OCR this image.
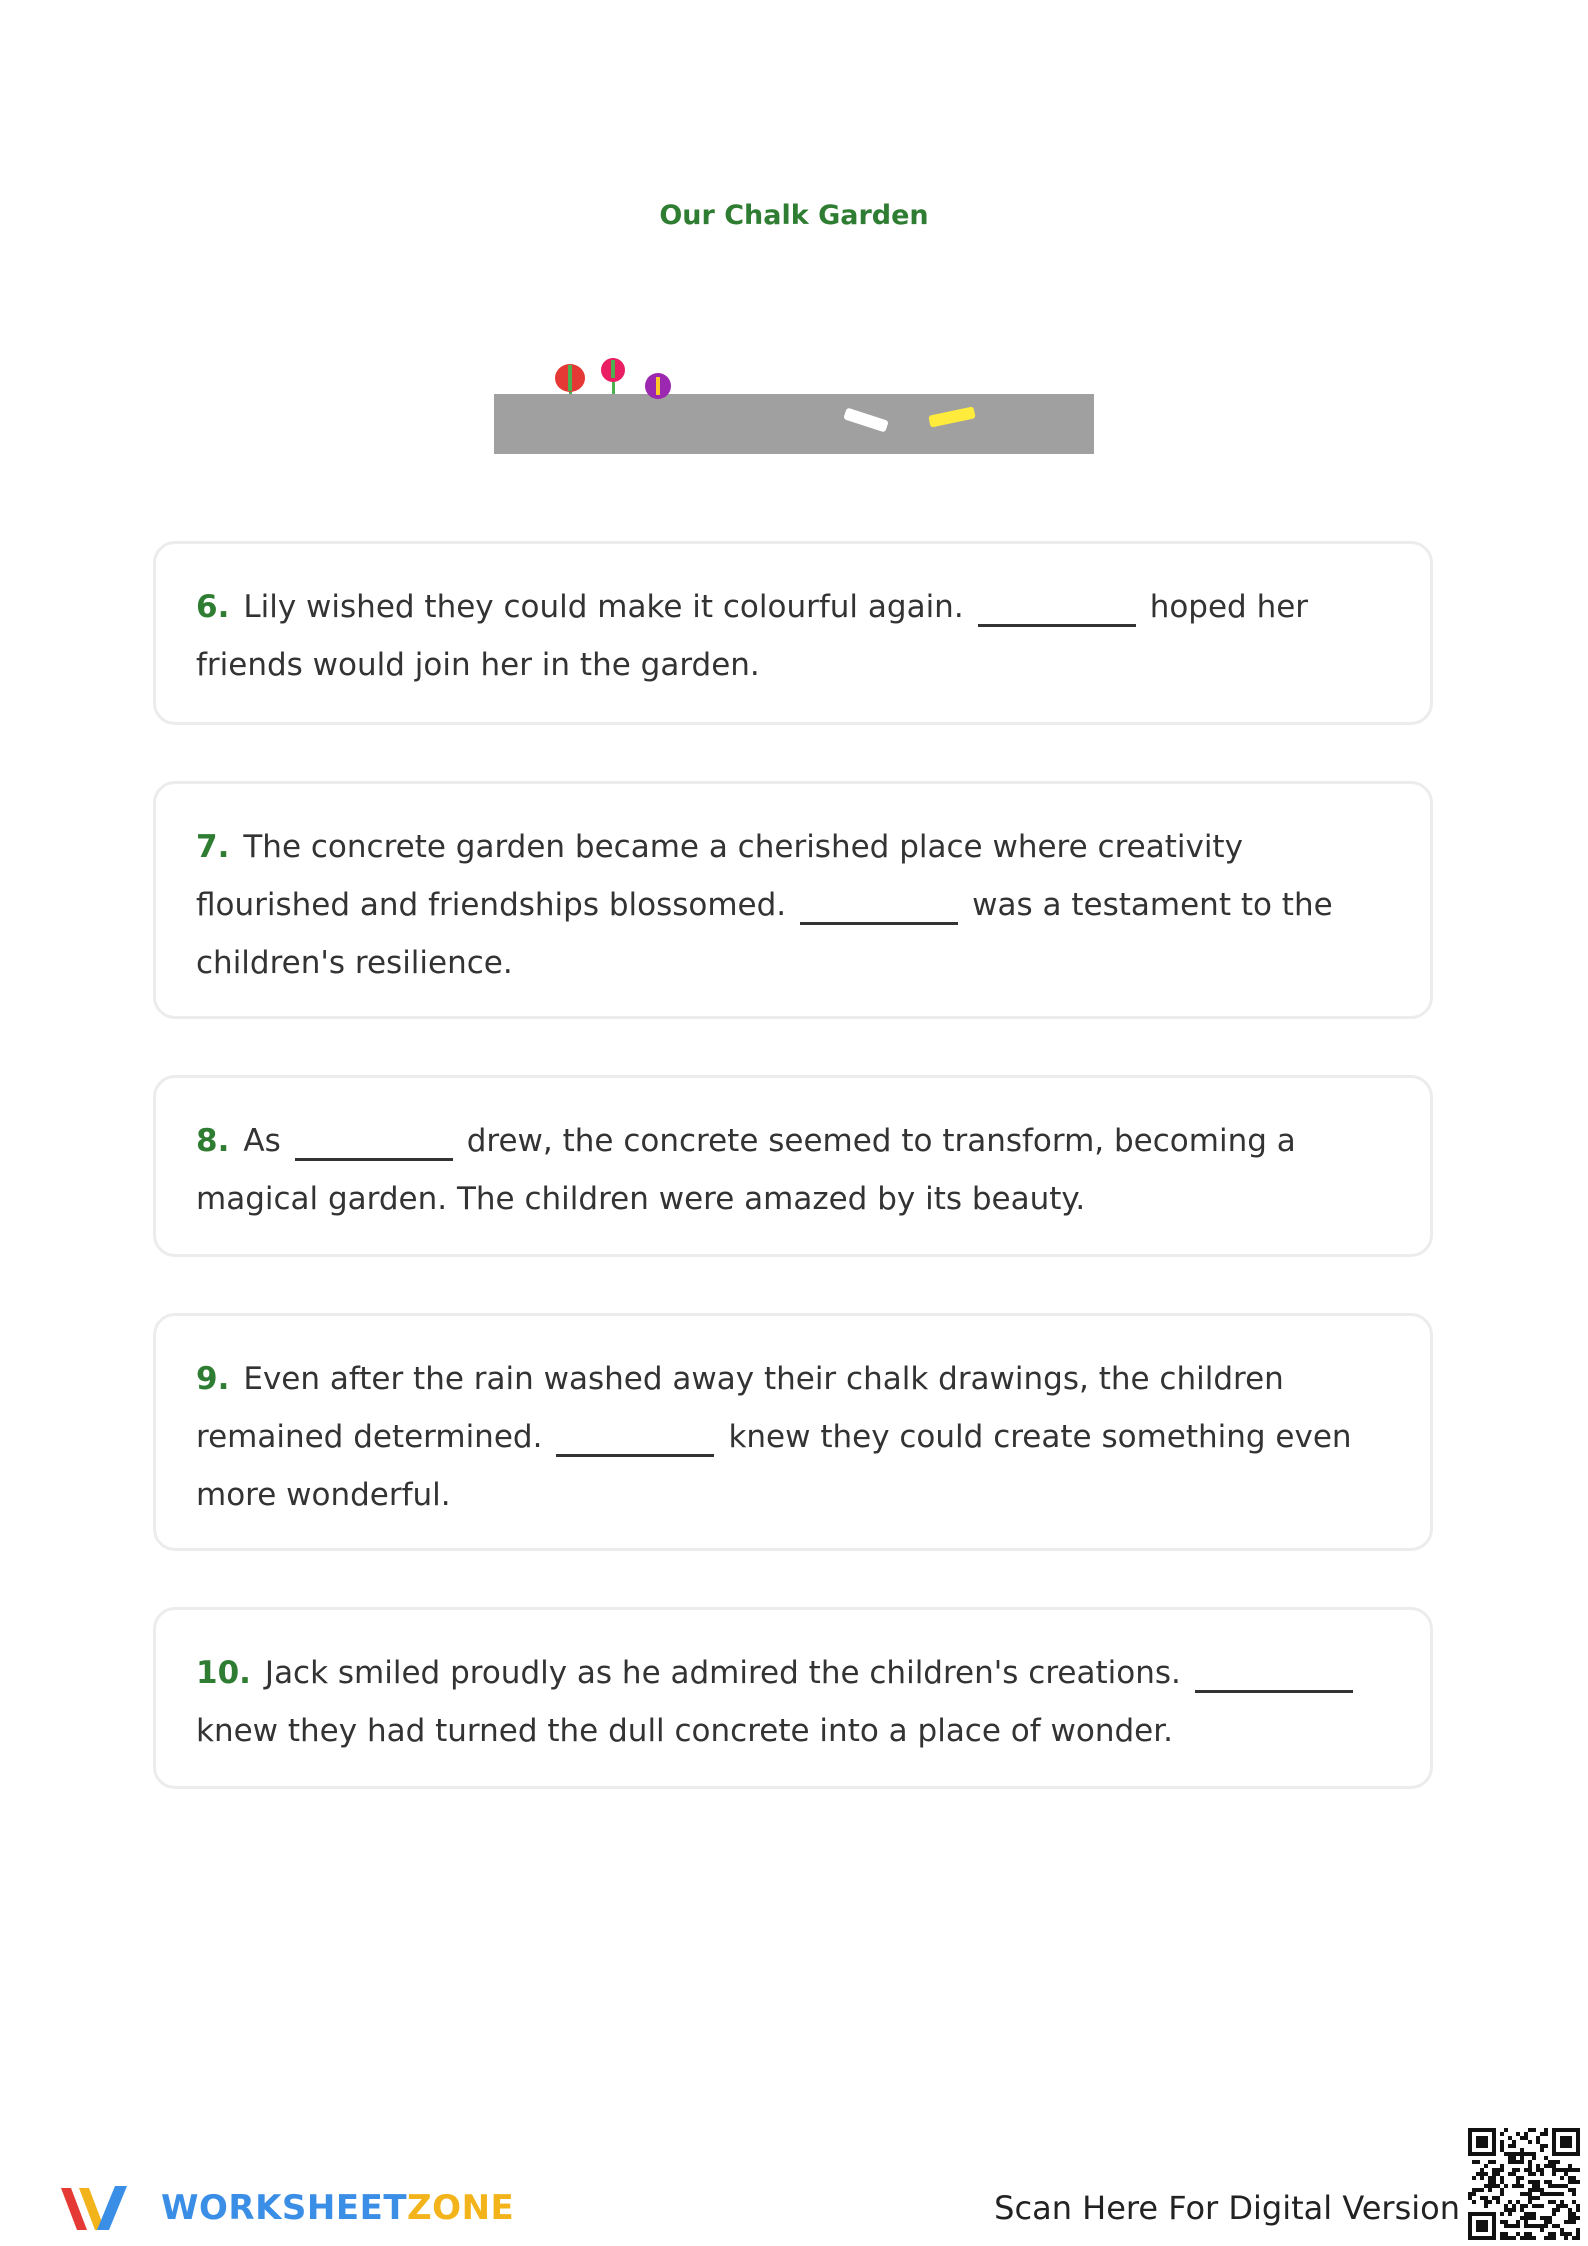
Our Chalk Garden
6. Lily wished they could make it colourful again.	hoped her friends would join her in the garden.
7. The concrete garden became a cherished place where creativity flourished and friendships blossomed.	was a testament to the children's resilience.
8. As	drew, the concrete seemed to transform, becoming a magical garden. The children were amazed by its beauty.
9. Even after the rain washed away their chalk drawings, the children remained determined.	knew they could create something even more wonderful.
10. Jack smiled proudly as he admired the children's creations.knew they had turned the dull concrete into a place of wonder.
WORKSHEETZONE	Scan Here For Digital Version
